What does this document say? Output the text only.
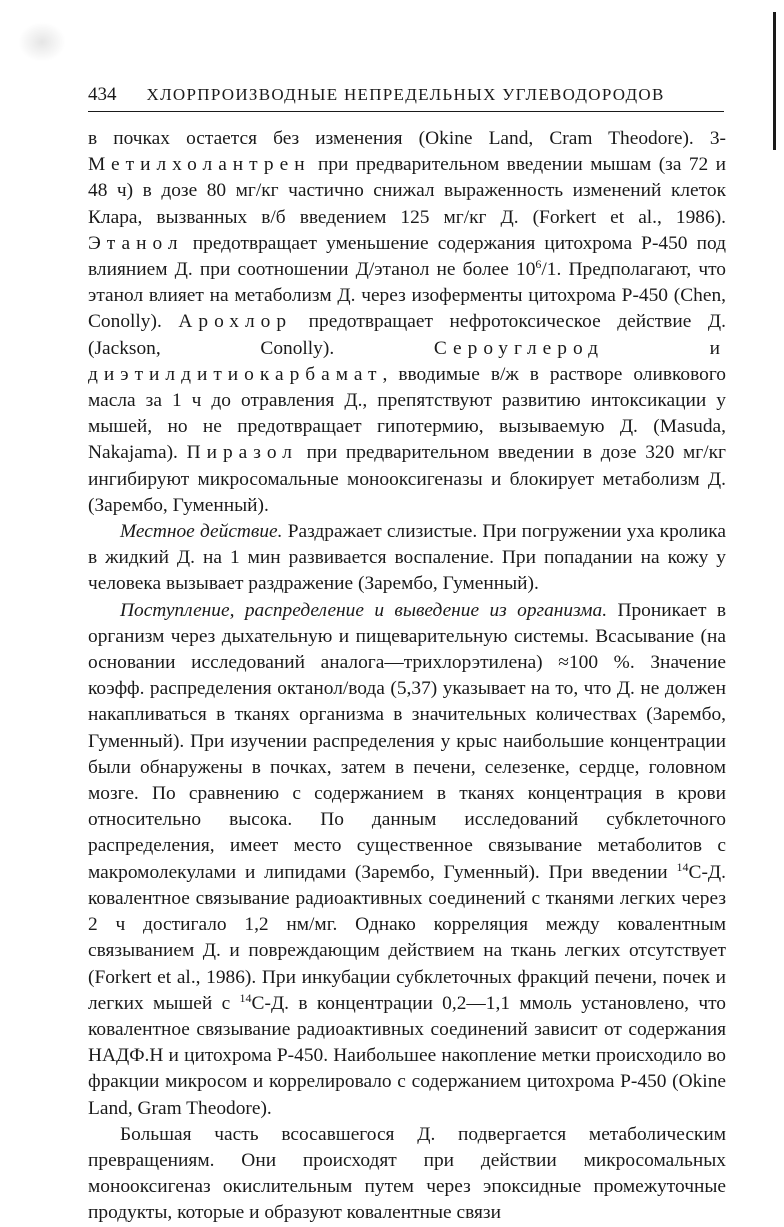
434 ХЛОРПРОИЗВОДНЫЕ НЕПРЕДЕЛЬНЫХ УГЛЕВОДОРОДОВ

в почках остается без изменения (Okine Land, Cram Theodore). 3-Метилхолантрен при предварительном введении мышам (за 72 и 48 ч) в дозе 80 мг/кг частично снижал выраженность изменений клеток Клара, вызванных в/б введением 125 мг/кг Д. (Forkert et al., 1986). Этанол предотвращает уменьшение содержания цитохрома Р-450 под влиянием Д. при соотношении Д/этанол не более $10^6/1$. Предполагают, что этанол влияет на метаболизм Д. через изоферменты цитохрома Р-450 (Chen, Conolly). Арохлор предотвращает нефротоксическое действие Д. (Jackson, Conolly). Сероуглерод и диэтилдитиокарбамат, вводимые в/ж в растворе оливкового масла за 1 ч до отравления Д., препятствуют развитию интоксикации у мышей, но не предотвращает гипотермию, вызываемую Д. (Masuda, Nakajama). Пиразол при предварительном введении в дозе 320 мг/кг ингибируют микросомальные монооксигеназы и блокирует метаболизм Д. (Зарембо, Гуменный).

Местное действие. Раздражает слизистые. При погружении уха кролика в жидкий Д. на 1 мин развивается воспаление. При попадании на кожу у человека вызывает раздражение (Зарембо, Гуменный).

Поступление, распределение и выведение из организма. Проникает в организм через дыхательную и пищеварительную системы. Всасывание (на основании исследований аналога—трихлорэтилена) ≈100 %. Значение коэфф. распределения октанол/вода (5,37) указывает на то, что Д. не должен накапливаться в тканях организма в значительных количествах (Зарембо, Гуменный). При изучении распределения у крыс наибольшие концентрации были обнаружены в почках, затем в печени, селезенке, сердце, головном мозге. По сравнению с содержанием в тканях концентрация в крови относительно высока. По данным исследований субклеточного распределения, имеет место существенное связывание метаболитов с макромолекулами и липидами (Зарембо, Гуменный). При введении $^{14}$С-Д. ковалентное связывание радиоактивных соединений с тканями легких через 2 ч достигало 1,2 нм/мг. Однако корреляция между ковалентным связыванием Д. и повреждающим действием на ткань легких отсутствует (Forkert et al., 1986). При инкубации субклеточных фракций печени, почек и легких мышей с $^{14}$С-Д. в концентрации 0,2—1,1 ммоль установлено, что ковалентное связывание радиоактивных соединений зависит от содержания НАДФ.Н и цитохрома Р-450. Наибольшее накопление метки происходило во фракции микросом и коррелировало с содержанием цитохрома Р-450 (Okine Land, Gram Theodore).

Большая часть всосавшегося Д. подвергается метаболическим превращениям. Они происходят при действии микросомальных монооксигеназ окислительным путем через эпоксидные промежуточные продукты, которые и образуют ковалентные связи
